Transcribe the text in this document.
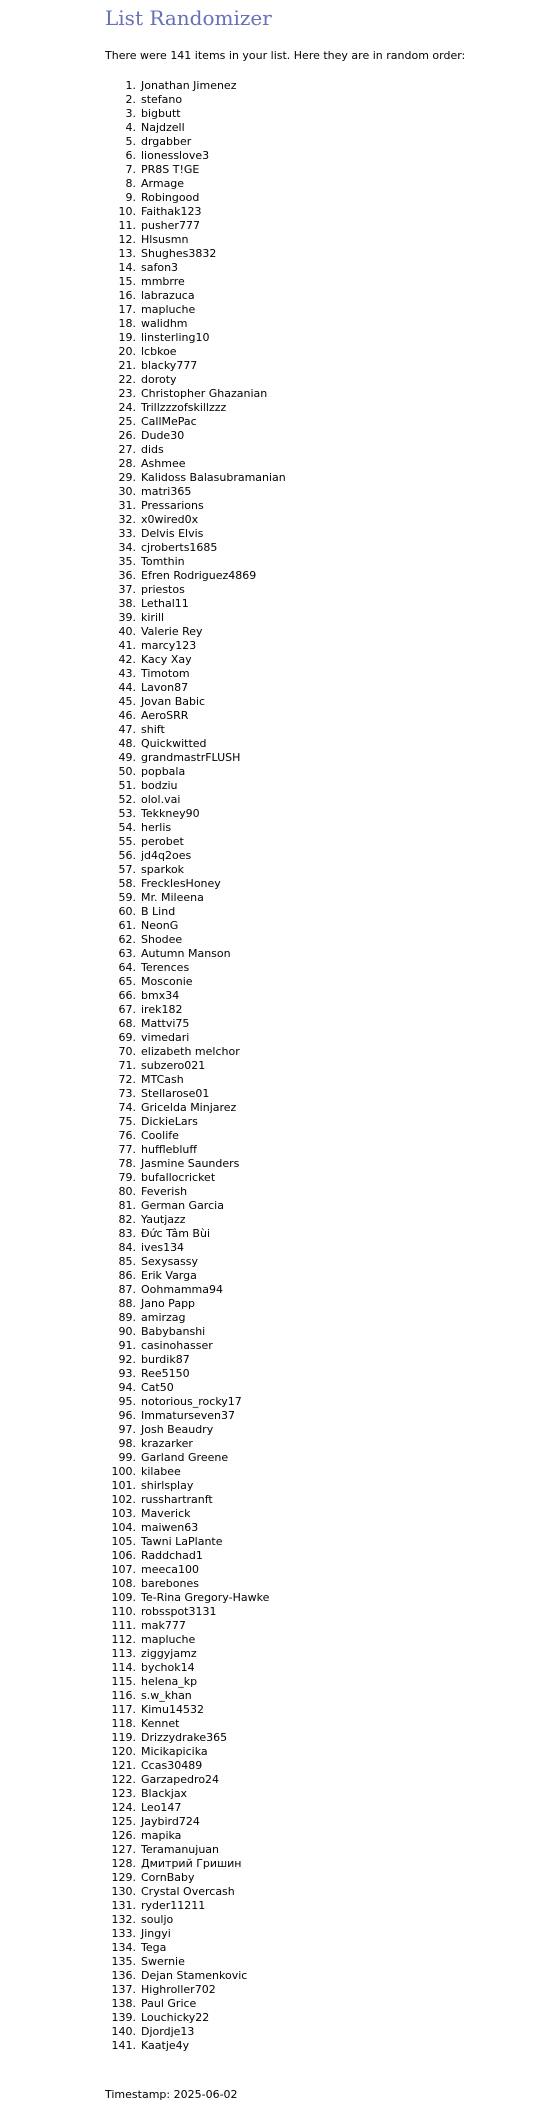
List Randomizer

There were 141 items in your list. Here they are in random order:

1. Jonathan Jimenez
2. stefano
3. bigbutt
4. Najdzell
5. drgabber
6. lionesslove3
7. PR8S T!GE
8. Armage
9. Robingood
10. Faithak123
11. pusher777
12. Hlsusmn
13. Shughes3832
14. safon3
15. mmbrre
16. labrazuca
17. mapluche
18. walidhm
19. linsterling10
20. lcbkoe
21. blacky777
22. doroty
23. Christopher Ghazanian
24. Trillzzzofskillzzz
25. CallMePac
26. Dude30
27. dids
28. Ashmee
29. Kalidoss Balasubramanian
30. matri365
31. Pressarions
32. x0wired0x
33. Delvis Elvis
34. cjroberts1685
35. Tomthin
36. Efren Rodriguez4869
37. priestos
38. Lethal11
39. kirill
40. Valerie Rey
41. marcy123
42. Kacy Xay
43. Timotom
44. Lavon87
45. Jovan Babic
46. AeroSRR
47. shift
48. Quickwitted
49. grandmastrFLUSH
50. popbala
51. bodziu
52. olol.vai
53. Tekkney90
54. herlis
55. perobet
56. jd4q2oes
57. sparkok
58. FrecklesHoney
59. Mr. Mileena
60. B Lind
61. NeonG
62. Shodee
63. Autumn Manson
64. Terences
65. Mosconie
66. bmx34
67. irek182
68. Mattvi75
69. vimedari
70. elizabeth melchor
71. subzero021
72. MTCash
73. Stellarose01
74. Gricelda Minjarez
75. DickieLars
76. Coolife
77. hufflebluff
78. Jasmine Saunders
79. bufallocricket
80. Feverish
81. German Garcia
82. Yautjazz
83. Đức Tâm Bùi
84. ives134
85. Sexysassy
86. Erik Varga
87. Oohmamma94
88. Jano Papp
89. amirzag
90. Babybanshi
91. casinohasser
92. burdik87
93. Ree5150
94. Cat50
95. notorious_rocky17
96. Immaturseven37
97. Josh Beaudry
98. krazarker
99. Garland Greene
100. kilabee
101. shirlsplay
102. russhartranft
103. Maverick
104. maiwen63
105. Tawni LaPlante
106. Raddchad1
107. meeca100
108. barebones
109. Te-Rina Gregory-Hawke
110. robsspot3131
111. mak777
112. mapluche
113. ziggyjamz
114. bychok14
115. helena_kp
116. s.w_khan
117. Kimu14532
118. Kennet
119. Drizzydrake365
120. Micikapicika
121. Ccas30489
122. Garzapedro24
123. Blackjax
124. Leo147
125. Jaybird724
126. mapika
127. Teramanujuan
128. Дмитрий Гришин
129. CornBaby
130. Crystal Overcash
131. ryder11211
132. souljo
133. Jingyi
134. Tega
135. Swernie
136. Dejan Stamenkovic
137. Highroller702
138. Paul Grice
139. Louchicky22
140. Djordje13
141. Kaatje4y
Timestamp: 2025-06-02
